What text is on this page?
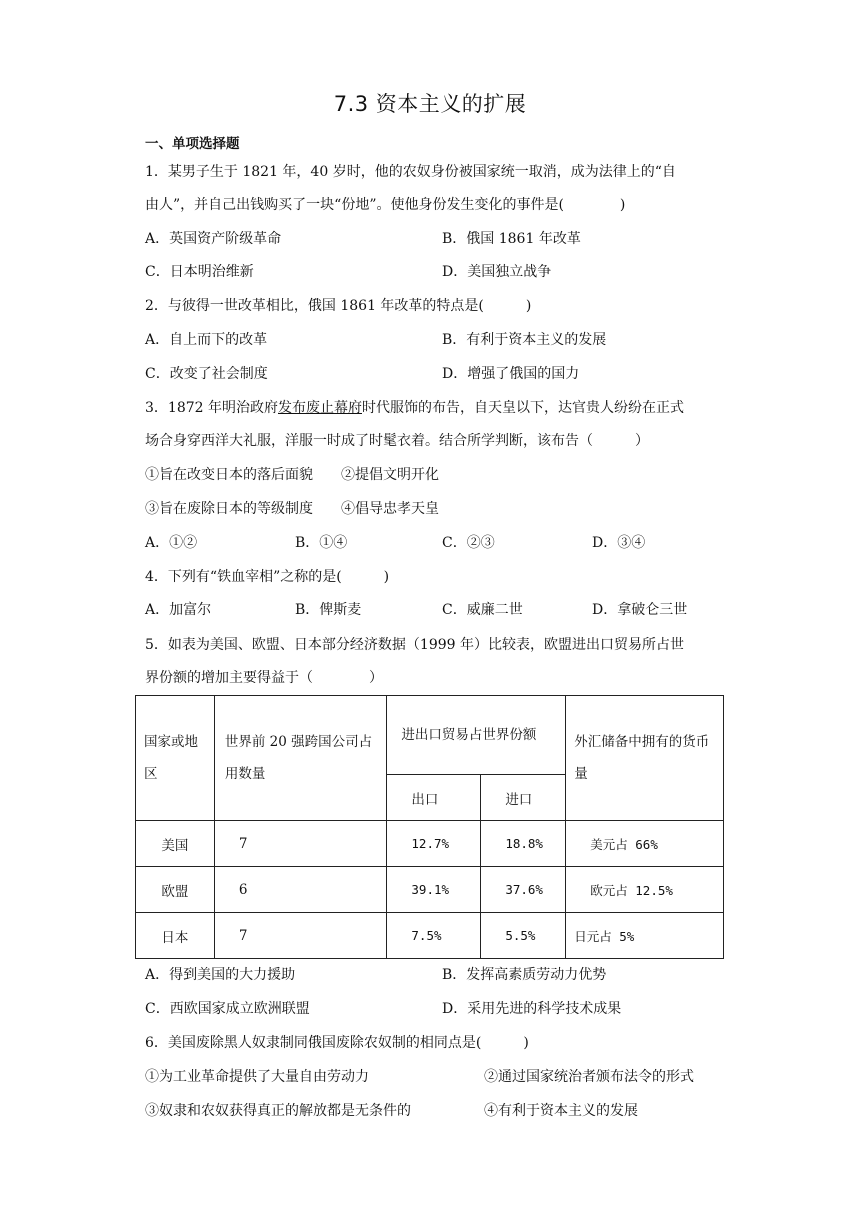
7.3 资本主义的扩展
一、单项选择题
1．某男子生于 1821 年，40 岁时，他的农奴身份被国家统一取消，成为法律上的“自
由人”，并自己出钱购买了一块“份地”。使他身份发生变化的事件是(　　　　)
A．英国资产阶级革命	B．俄国 1861 年改革
C．日本明治维新	D．美国独立战争
2．与彼得一世改革相比，俄国 1861 年改革的特点是(　　　)
A．自上而下的改革	B．有利于资本主义的发展
C．改变了社会制度	D．增强了俄国的国力
3．1872 年明治政府发布废止幕府时代服饰的布告，自天皇以下，达官贵人纷纷在正式
场合身穿西洋大礼服，洋服一时成了时髦衣着。结合所学判断，该布告（　　　）
①旨在改变日本的落后面貌　　②提倡文明开化
③旨在废除日本的等级制度　　④倡导忠孝天皇
A．①②	B．①④	C．②③	D．③④
4．下列有“铁血宰相”之称的是(　　　)
A．加富尔	B．俾斯麦	C．威廉二世	D．拿破仑三世
5．如表为美国、欧盟、日本部分经济数据（1999 年）比较表，欧盟进出口贸易所占世
界份额的增加主要得益于（　　　　）
国家或地区	世界前 20 强跨国公司占用数量	进出口贸易占世界份额		外汇储备中拥有的货币量
		出口	进口	
美国	7	12.7%	18.8%	美元占 66%
欧盟	6	39.1%	37.6%	欧元占 12.5%
日本	7	7.5%	5.5%	日元占 5%
A．得到美国的大力援助	B．发挥高素质劳动力优势
C．西欧国家成立欧洲联盟	D．采用先进的科学技术成果
6．美国废除黑人奴隶制同俄国废除农奴制的相同点是(　　　)
①为工业革命提供了大量自由劳动力	②通过国家统治者颁布法令的形式
③奴隶和农奴获得真正的解放都是无条件的	④有利于资本主义的发展
